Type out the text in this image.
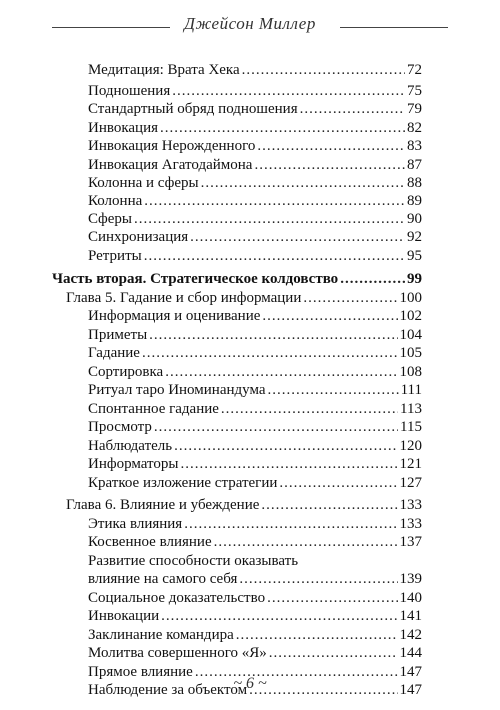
Джейсон Миллер
Медитация: Врата Хека .....	72
Подношения .....	75
Стандартный обряд подношения .....	79
Инвокация .....	82
Инвокация Нерожденного .....	83
Инвокация Агатодаймона .....	87
Колонна и сферы .....	88
Колонна .....	89
Сферы .....	90
Синхронизация .....	92
Ретриты .....	95
Часть вторая. Стратегическое колдовство .....	99
Глава 5. Гадание и сбор информации .....	100
Информация и оценивание .....	102
Приметы .....	104
Гадание .....	105
Сортировка .....	108
Ритуал таро Иноминандума .....	111
Спонтанное гадание .....	113
Просмотр .....	115
Наблюдатель .....	120
Информаторы .....	121
Краткое изложение стратегии .....	127
Глава 6. Влияние и убеждение .....	133
Этика влияния .....	133
Косвенное влияние .....	137
Развитие способности оказывать
влияние на самого себя .....	139
Социальное доказательство .....	140
Инвокации .....	141
Заклинание командира .....	142
Молитва совершенного «Я» .....	144
Прямое влияние .....	147
Наблюдение за объектом .....	147
~ 6 ~
